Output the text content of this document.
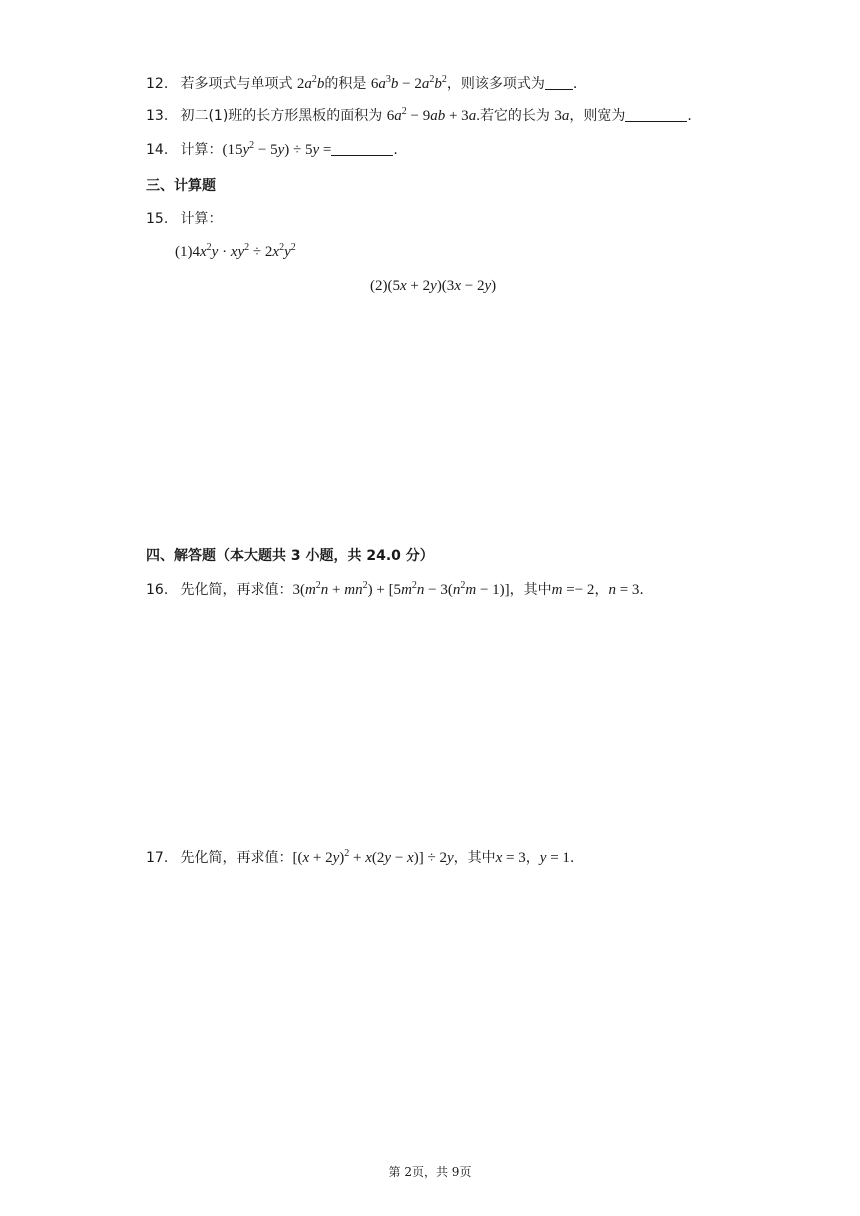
12. 若多项式与单项式 $2a^2b$的积是 $6a^3b - 2a^2b^2$，则该多项式为 .
13. 初二(1)班的长方形黑板的面积为 $6a^2 - 9ab + 3a$.若它的长为 3a，则宽为	.
14. 计算：$(15y^2 - 5y) \div 5y$ =	.
三、计算题
15. 计算：
$(1)4x^2y \cdot xy^2 \div 2x^2y^2$
(2)(5x + 2y)(3x − 2y)
四、解答题（本大题共 3 小题，共 24.0 分）
16. 先化简，再求值：$3(m^2n + mn^2) + [5m^2n - 3(n^2m - 1)]$，其中m =− 2，n = 3.
17. 先化简，再求值：$[(x + 2y)^2 + x(2y - x)] \div 2y$，其中x = 3，y = 1.
第 2页，共 9页
